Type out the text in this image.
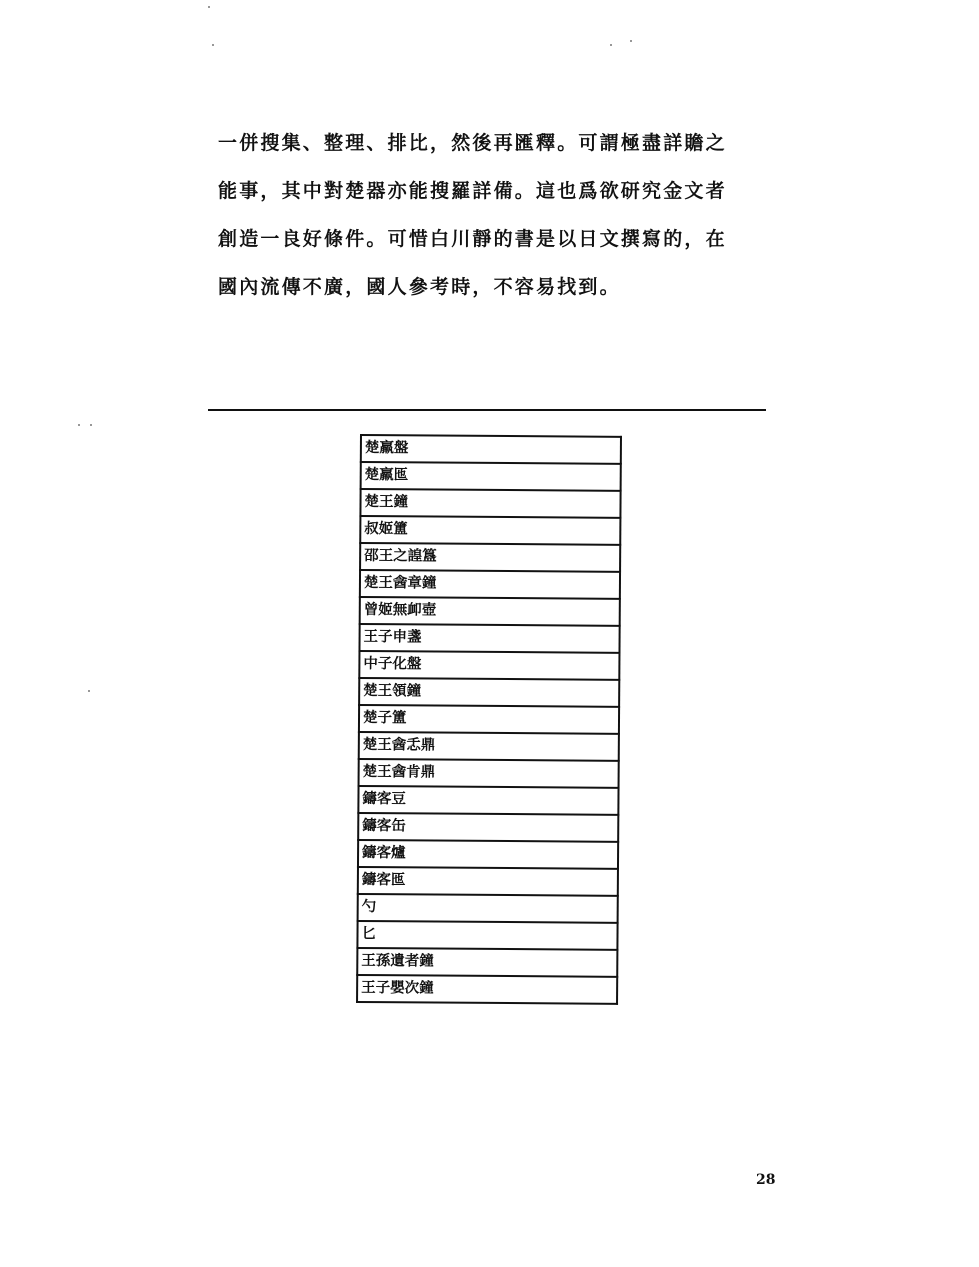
一併搜集、整理、排比，然後再匯釋。可謂極盡詳贍之
能事，其中對楚器亦能搜羅詳備。這也爲欲研究金文者
創造一良好條件。可惜白川靜的書是以日文撰寫的，在
國內流傳不廣，國人參考時，不容易找到。
楚羸盤
楚羸匜
楚王鐘
叔姬簠
邵王之諻簋
楚王酓章鐘
曾姬無卹壺
王子申盞
中子化盤
楚王領鐘
楚子簠
楚王酓忎鼎
楚王酓肯鼎
鑄客豆
鑄客缶
鑄客爐
鑄客匜
勺
匕
王孫遺者鐘
王子嬰次鐘
28
